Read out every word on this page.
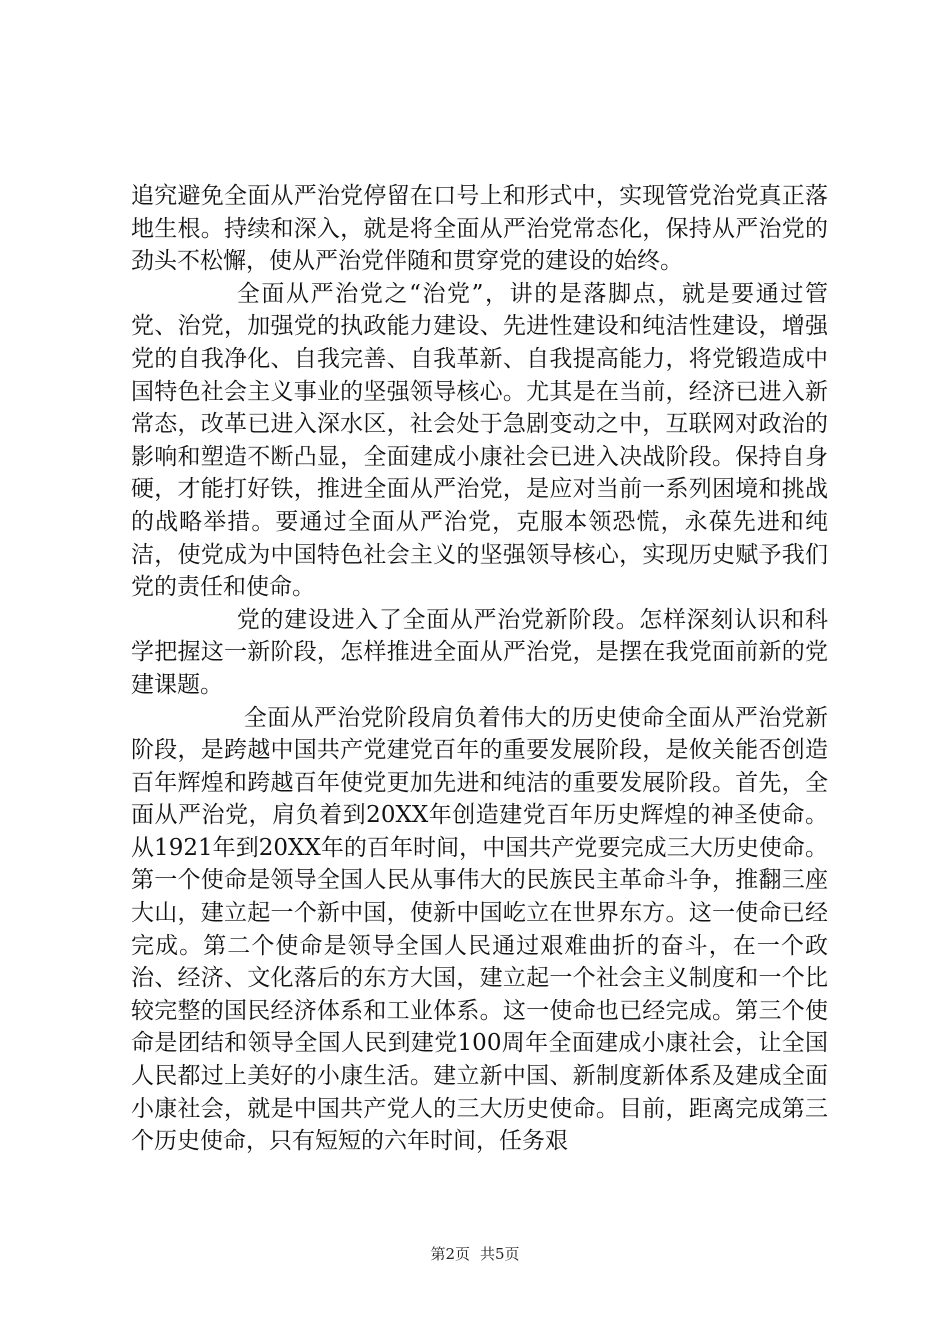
追究避免全面从严治党停留在口号上和形式中，实现管党治党真正落地生根。持续和深入，就是将全面从严治党常态化，保持从严治党的劲头不松懈，使从严治党伴随和贯穿党的建设的始终。

全面从严治党之“治党”，讲的是落脚点，就是要通过管党、治党，加强党的执政能力建设、先进性建设和纯洁性建设，增强党的自我净化、自我完善、自我革新、自我提高能力，将党锻造成中国特色社会主义事业的坚强领导核心。尤其是在当前，经济已进入新常态，改革已进入深水区，社会处于急剧变动之中，互联网对政治的影响和塑造不断凸显，全面建成小康社会已进入决战阶段。保持自身硬，才能打好铁，推进全面从严治党，是应对当前一系列困境和挑战的战略举措。要通过全面从严治党，克服本领恐慌，永葆先进和纯洁，使党成为中国特色社会主义的坚强领导核心，实现历史赋予我们党的责任和使命。

党的建设进入了全面从严治党新阶段。怎样深刻认识和科学把握这一新阶段，怎样推进全面从严治党，是摆在我党面前新的党建课题。

全面从严治党阶段肩负着伟大的历史使命全面从严治党新阶段，是跨越中国共产党建党百年的重要发展阶段，是攸关能否创造百年辉煌和跨越百年使党更加先进和纯洁的重要发展阶段。首先，全面从严治党，肩负着到20XX年创造建党百年历史辉煌的神圣使命。从1921年到20XX年的百年时间，中国共产党要完成三大历史使命。第一个使命是领导全国人民从事伟大的民族民主革命斗争，推翻三座大山，建立起一个新中国，使新中国屹立在世界东方。这一使命已经完成。第二个使命是领导全国人民通过艰难曲折的奋斗，在一个政治、经济、文化落后的东方大国，建立起一个社会主义制度和一个比较完整的国民经济体系和工业体系。这一使命也已经完成。第三个使命是团结和领导全国人民到建党100周年全面建成小康社会，让全国人民都过上美好的小康生活。建立新中国、新制度新体系及建成全面小康社会，就是中国共产党人的三大历史使命。目前，距离完成第三个历史使命，只有短短的六年时间，任务艰

第2页 共5页
